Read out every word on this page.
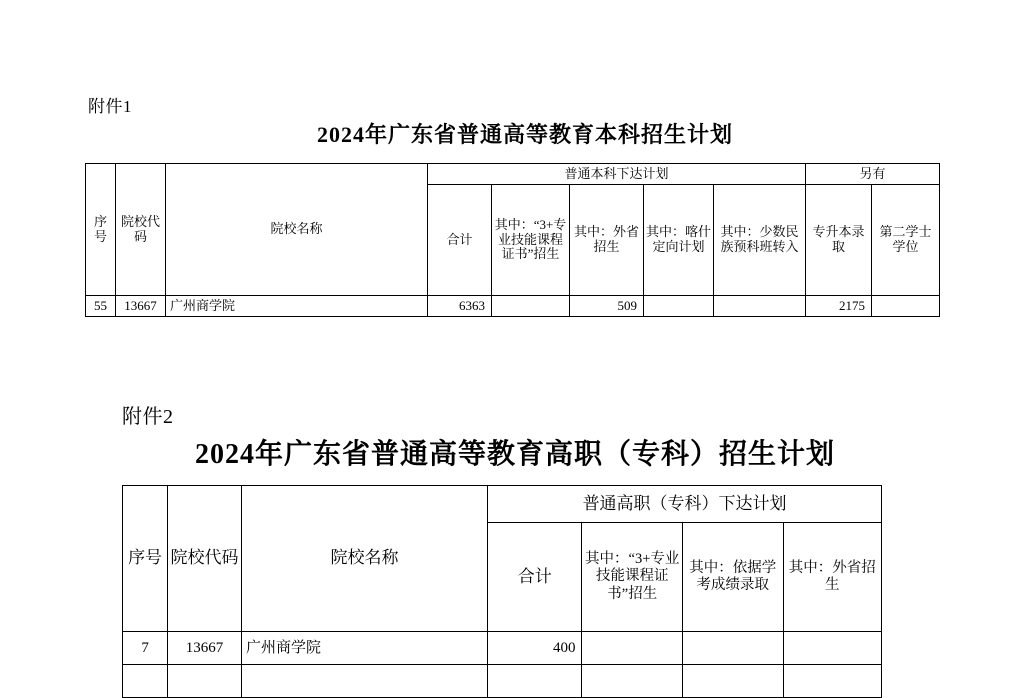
附件1
2024年广东省普通高等教育本科招生计划
序号	院校代码	院校名称	普通本科下达计划					另有	
			合计	其中：“3+专业技能课程证书”招生	其中：外省招生	其中：喀什定向计划	其中：少数民族预科班转入	专升本录取	第二学士学位
55	13667	广州商学院	6363		509			2175	
附件2
2024年广东省普通高等教育高职（专科）招生计划
序号	院校代码	院校名称	普通高职（专科）下达计划			
			合计	其中：“3+专业技能课程证书”招生	其中：依据学考成绩录取	其中：外省招生
7	13667	广州商学院	400			
